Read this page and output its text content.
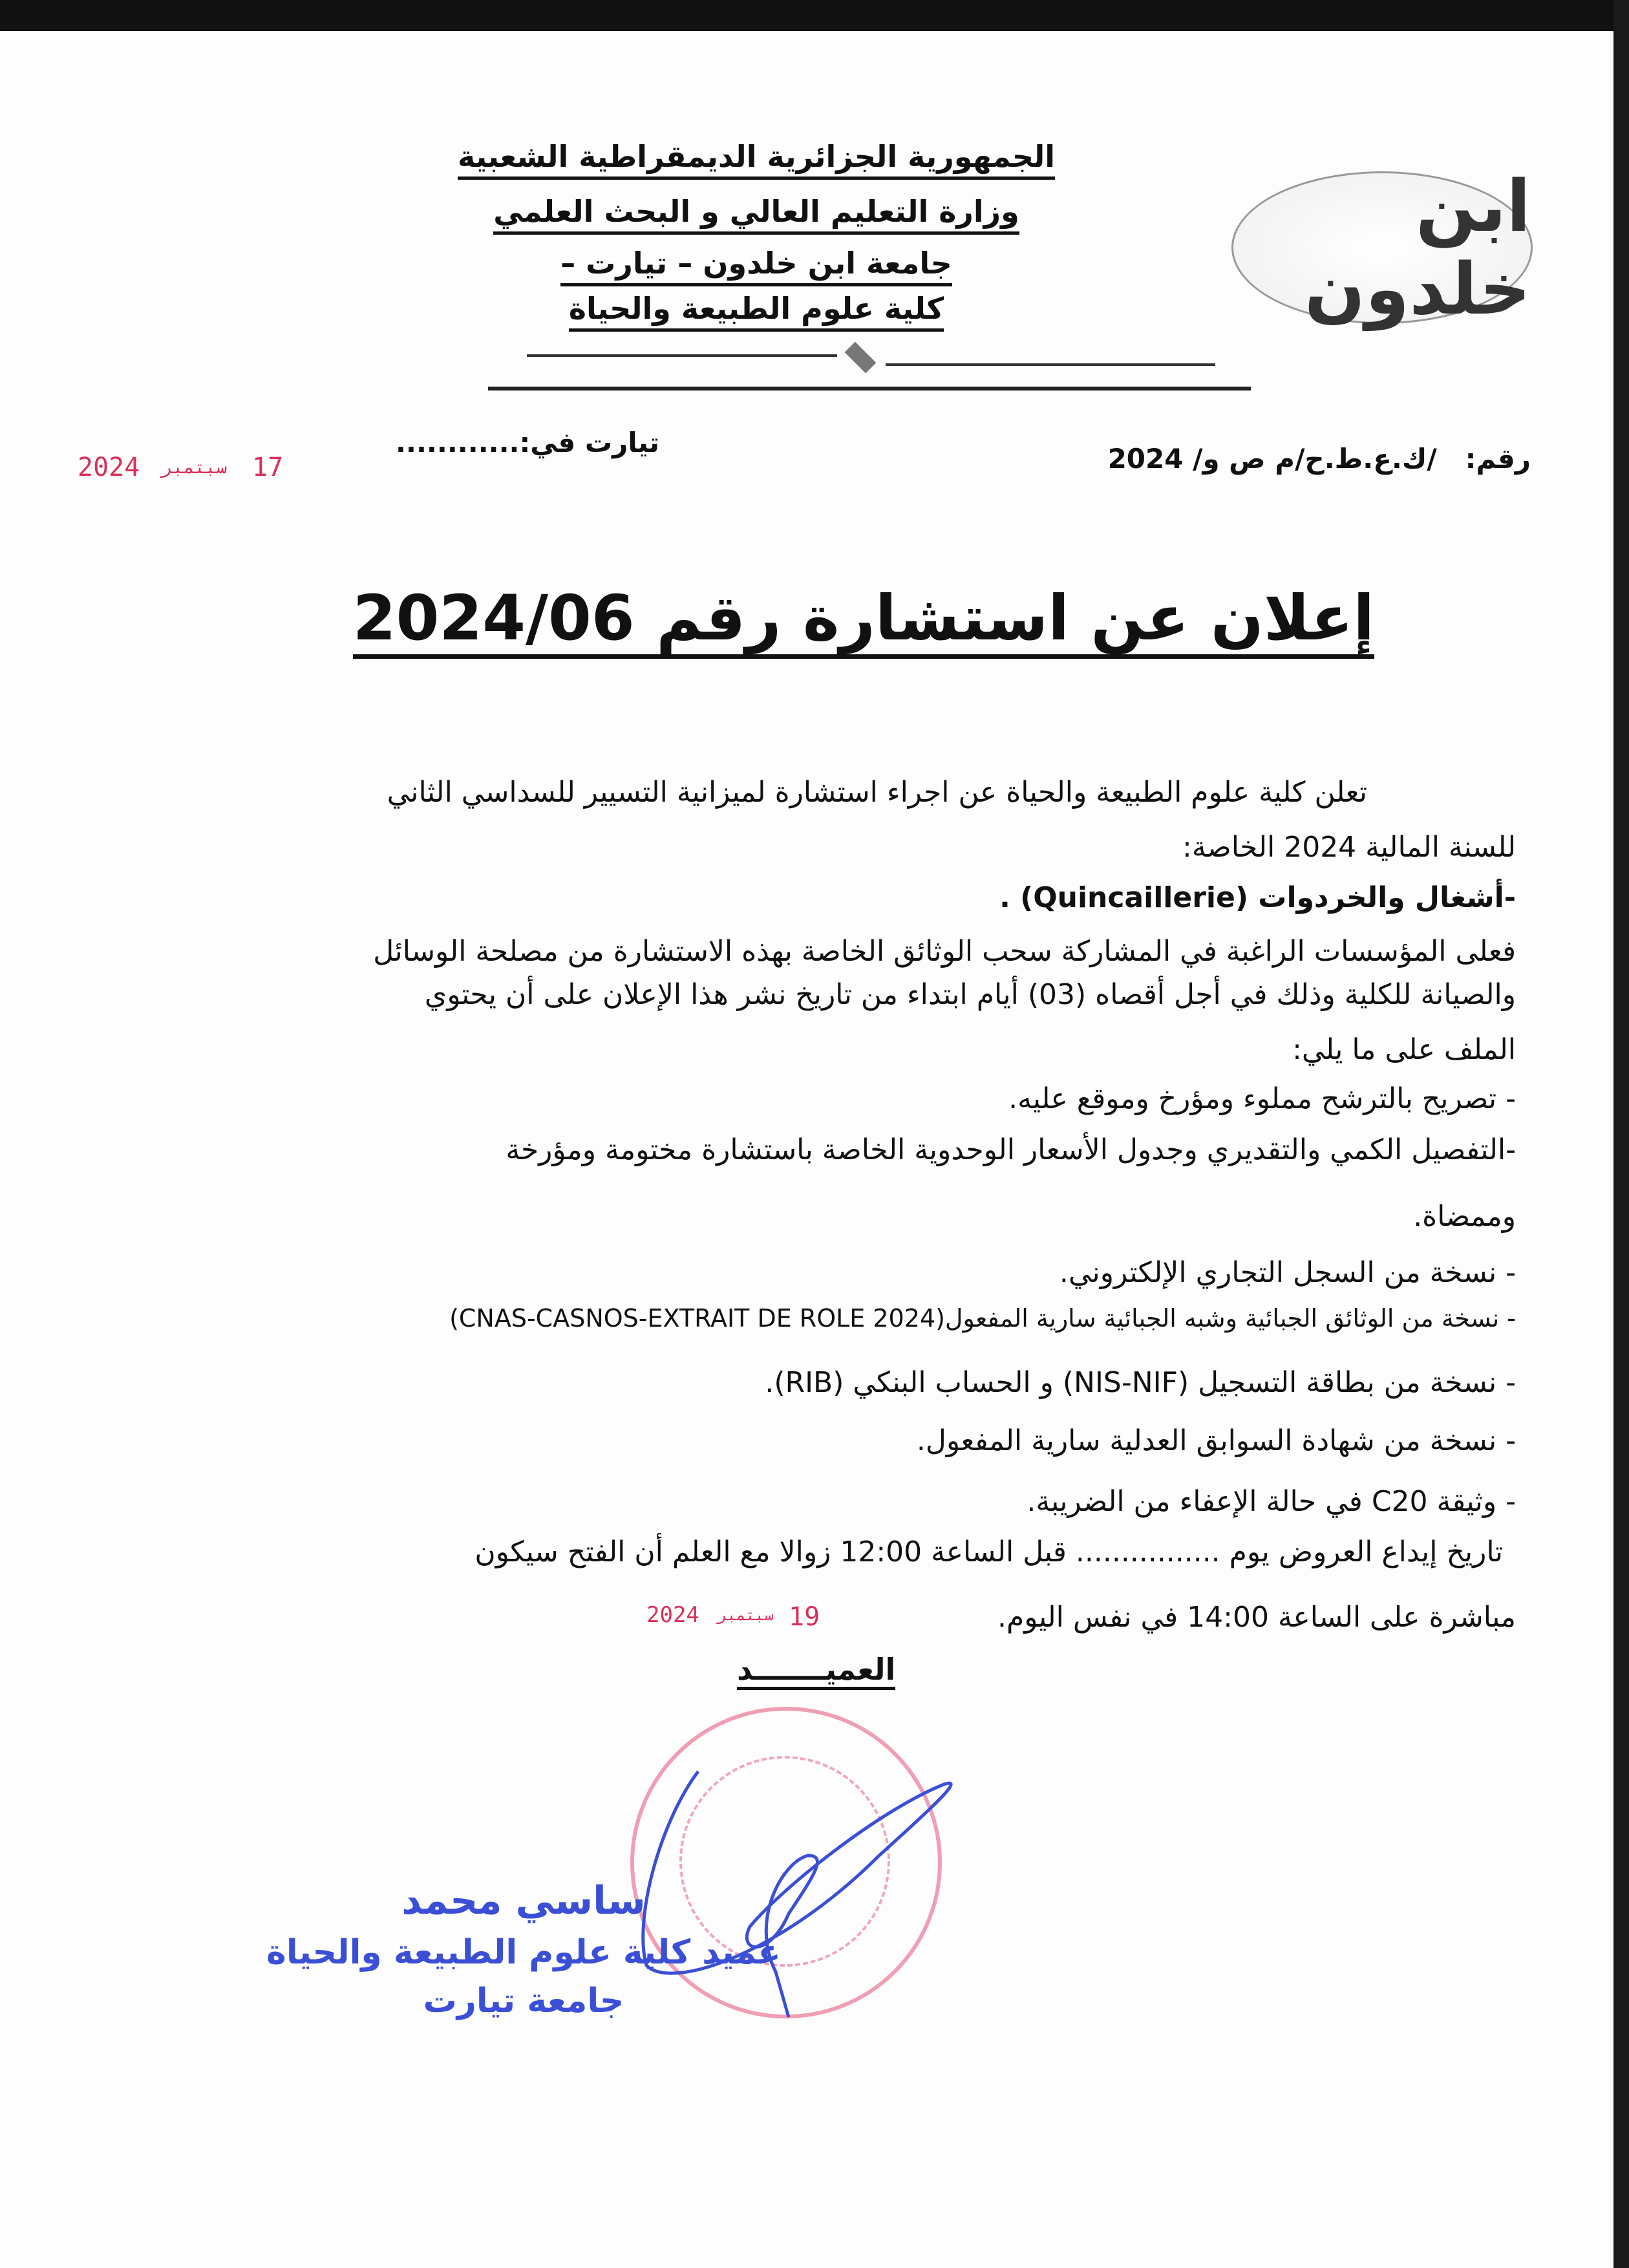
الجمهورية الجزائرية الديمقراطية الشعبية
وزارة التعليم العالي و البحث العلمي
جامعة ابن خلدون – تيارت –
كلية علوم الطبيعة والحياة
ابن خلدون
رقم:   /ك.ع.ط.ح/م ص و/ 2024
تيارت في:............
2024 سبتمبر 17
إعلان عن استشارة رقم 2024/06
تعلن كلية علوم الطبيعة والحياة عن اجراء استشارة لميزانية التسيير للسداسي الثاني
للسنة المالية 2024 الخاصة:
-أشغال والخردوات (Quincaillerie) .
فعلى المؤسسات الراغبة في المشاركة سحب الوثائق الخاصة بهذه الاستشارة من مصلحة الوسائل
والصيانة للكلية وذلك في أجل أقصاه (03) أيام ابتداء من تاريخ نشر هذا الإعلان على أن يحتوي
الملف على ما يلي:
- تصريح بالترشح مملوء ومؤرخ وموقع عليه.
-التفصيل الكمي والتقديري وجدول الأسعار الوحدوية الخاصة باستشارة مختومة ومؤرخة
وممضاة.
- نسخة من السجل التجاري الإلكتروني.
- نسخة من الوثائق الجبائية وشبه الجبائية سارية المفعول(CNAS-CASNOS-EXTRAIT DE ROLE 2024)
- نسخة من بطاقة التسجيل (NIS-NIF) و الحساب البنكي (RIB).
- نسخة من شهادة السوابق العدلية سارية المفعول.
- وثيقة C20 في حالة الإعفاء من الضريبة.
تاريخ إيداع العروض يوم ................ قبل الساعة 12:00 زوالا مع العلم أن الفتح سيكون
مباشرة على الساعة 14:00 في نفس اليوم.
2024 سبتمبر 19
العميـــــــد
ساسي محمد
عميد كلية علوم الطبيعة والحياة
جامعة تيارت
